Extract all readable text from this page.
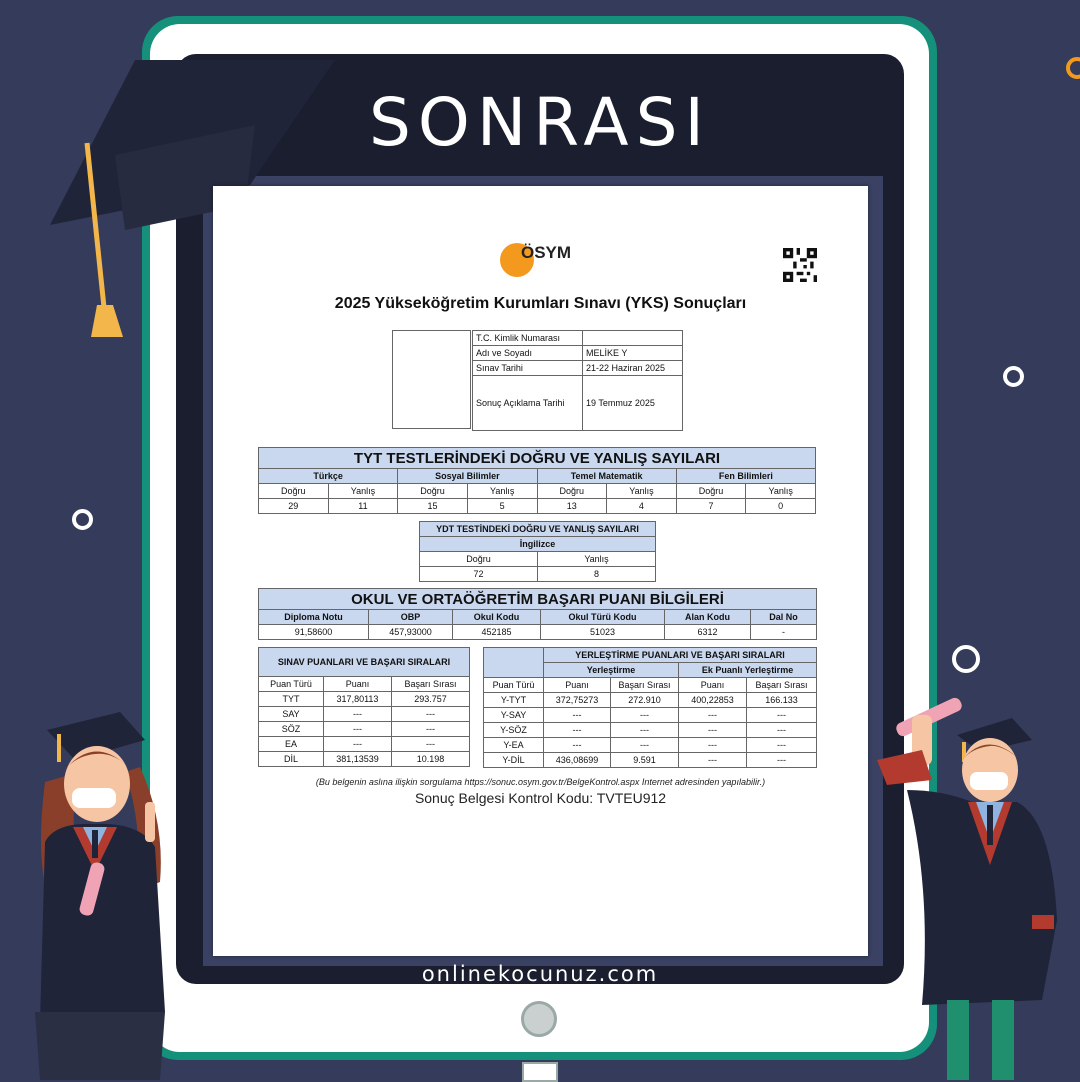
SONRASI
ÖSYM
2025 Yükseköğretim Kurumları Sınavı (YKS) Sonuçları
T.C. Kimlik Numarası	
Adı ve Soyadı	MELİKE Y
Sınav Tarihi	21-22 Haziran 2025
Sonuç Açıklama Tarihi	19 Temmuz 2025
TYT TESTLERİNDEKİ DOĞRU VE YANLIŞ SAYILARI							
Türkçe		Sosyal Bilimler		Temel Matematik		Fen Bilimleri	
Doğru	Yanlış	Doğru	Yanlış	Doğru	Yanlış	Doğru	Yanlış
29	11	15	5	13	4	7	0
YDT TESTİNDEKİ DOĞRU VE YANLIŞ SAYILARI	
İngilizce	
Doğru	Yanlış
72	8
OKUL VE ORTAÖĞRETİM BAŞARI PUANI BİLGİLERİ					
Diploma Notu	OBP	Okul Kodu	Okul Türü Kodu	Alan Kodu	Dal No
91,58600	457,93000	452185	51023	6312	-
SINAV PUANLARI VE BAŞARI SIRALARI		
Puan Türü	Puanı	Başarı Sırası
TYT	317,80113	293.757
SAY	---	---
SÖZ	---	---
EA	---	---
DİL	381,13539	10.198
	YERLEŞTİRME PUANLARI VE BAŞARI SIRALARI			
	Yerleştirme		Ek Puanlı Yerleştirme	
Puan Türü	Puanı	Başarı Sırası	Puanı	Başarı Sırası
Y-TYT	372,75273	272.910	400,22853	166.133
Y-SAY	---	---	---	---
Y-SÖZ	---	---	---	---
Y-EA	---	---	---	---
Y-DİL	436,08699	9.591	---	---
(Bu belgenin aslına ilişkin sorgulama https://sonuc.osym.gov.tr/BelgeKontrol.aspx Internet adresinden yapılabilir.)
Sonuç Belgesi Kontrol Kodu: TVTEU912
onlinekocunuz.com
